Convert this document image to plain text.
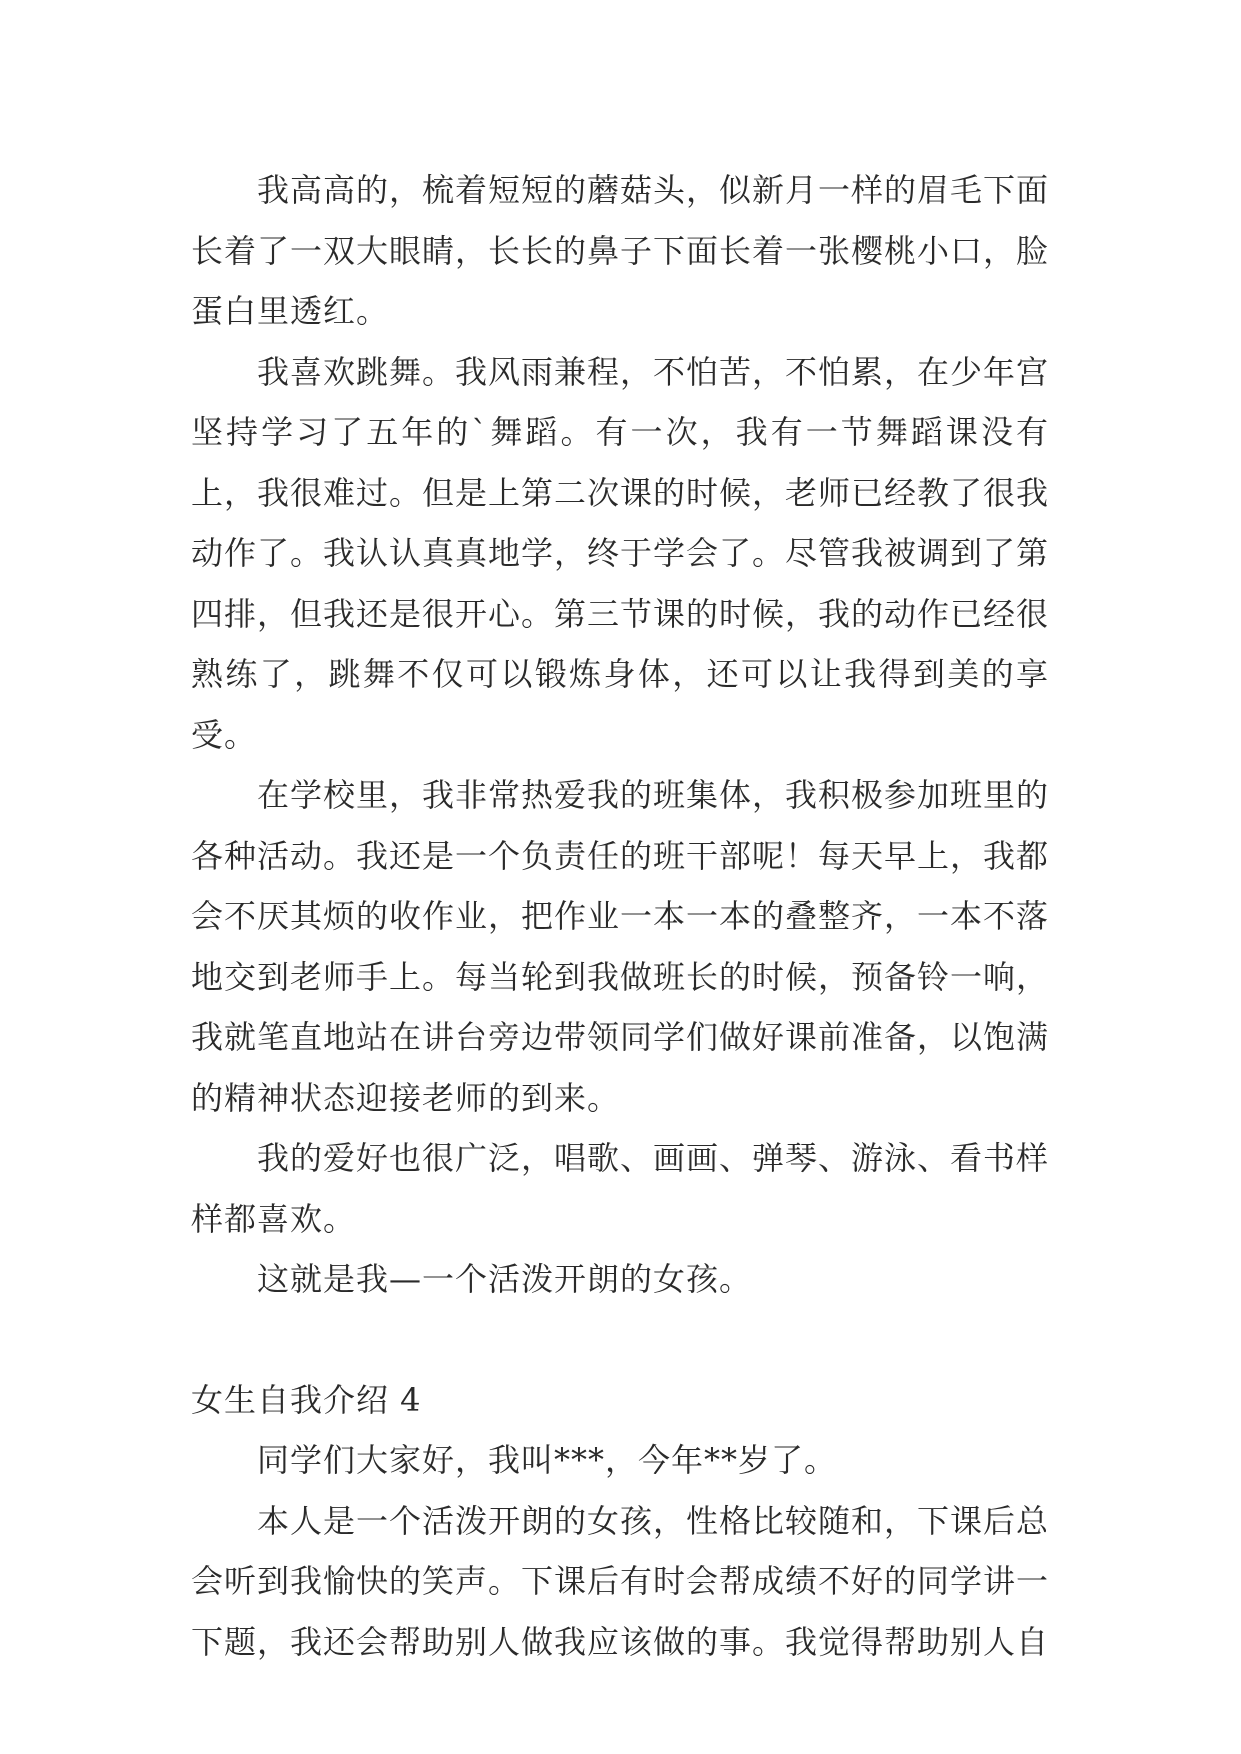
我高高的，梳着短短的蘑菇头，似新月一样的眉毛下面长着了一双大眼睛，长长的鼻子下面长着一张樱桃小口，脸蛋白里透红。

我喜欢跳舞。我风雨兼程，不怕苦，不怕累，在少年宫坚持学习了五年的`舞蹈。有一次，我有一节舞蹈课没有上，我很难过。但是上第二次课的时候，老师已经教了很我动作了。我认认真真地学，终于学会了。尽管我被调到了第四排，但我还是很开心。第三节课的时候，我的动作已经很熟练了，跳舞不仅可以锻炼身体，还可以让我得到美的享受。

在学校里，我非常热爱我的班集体，我积极参加班里的各种活动。我还是一个负责任的班干部呢！每天早上，我都会不厌其烦的收作业，把作业一本一本的叠整齐，一本不落地交到老师手上。每当轮到我做班长的时候，预备铃一响，我就笔直地站在讲台旁边带领同学们做好课前准备，以饱满的精神状态迎接老师的到来。

我的爱好也很广泛，唱歌、画画、弹琴、游泳、看书样样都喜欢。

这就是我—一个活泼开朗的女孩。

女生自我介绍 4

同学们大家好，我叫***，今年**岁了。

本人是一个活泼开朗的女孩，性格比较随和，下课后总会听到我愉快的笑声。下课后有时会帮成绩不好的同学讲一下题，我还会帮助别人做我应该做的事。我觉得帮助别人自
